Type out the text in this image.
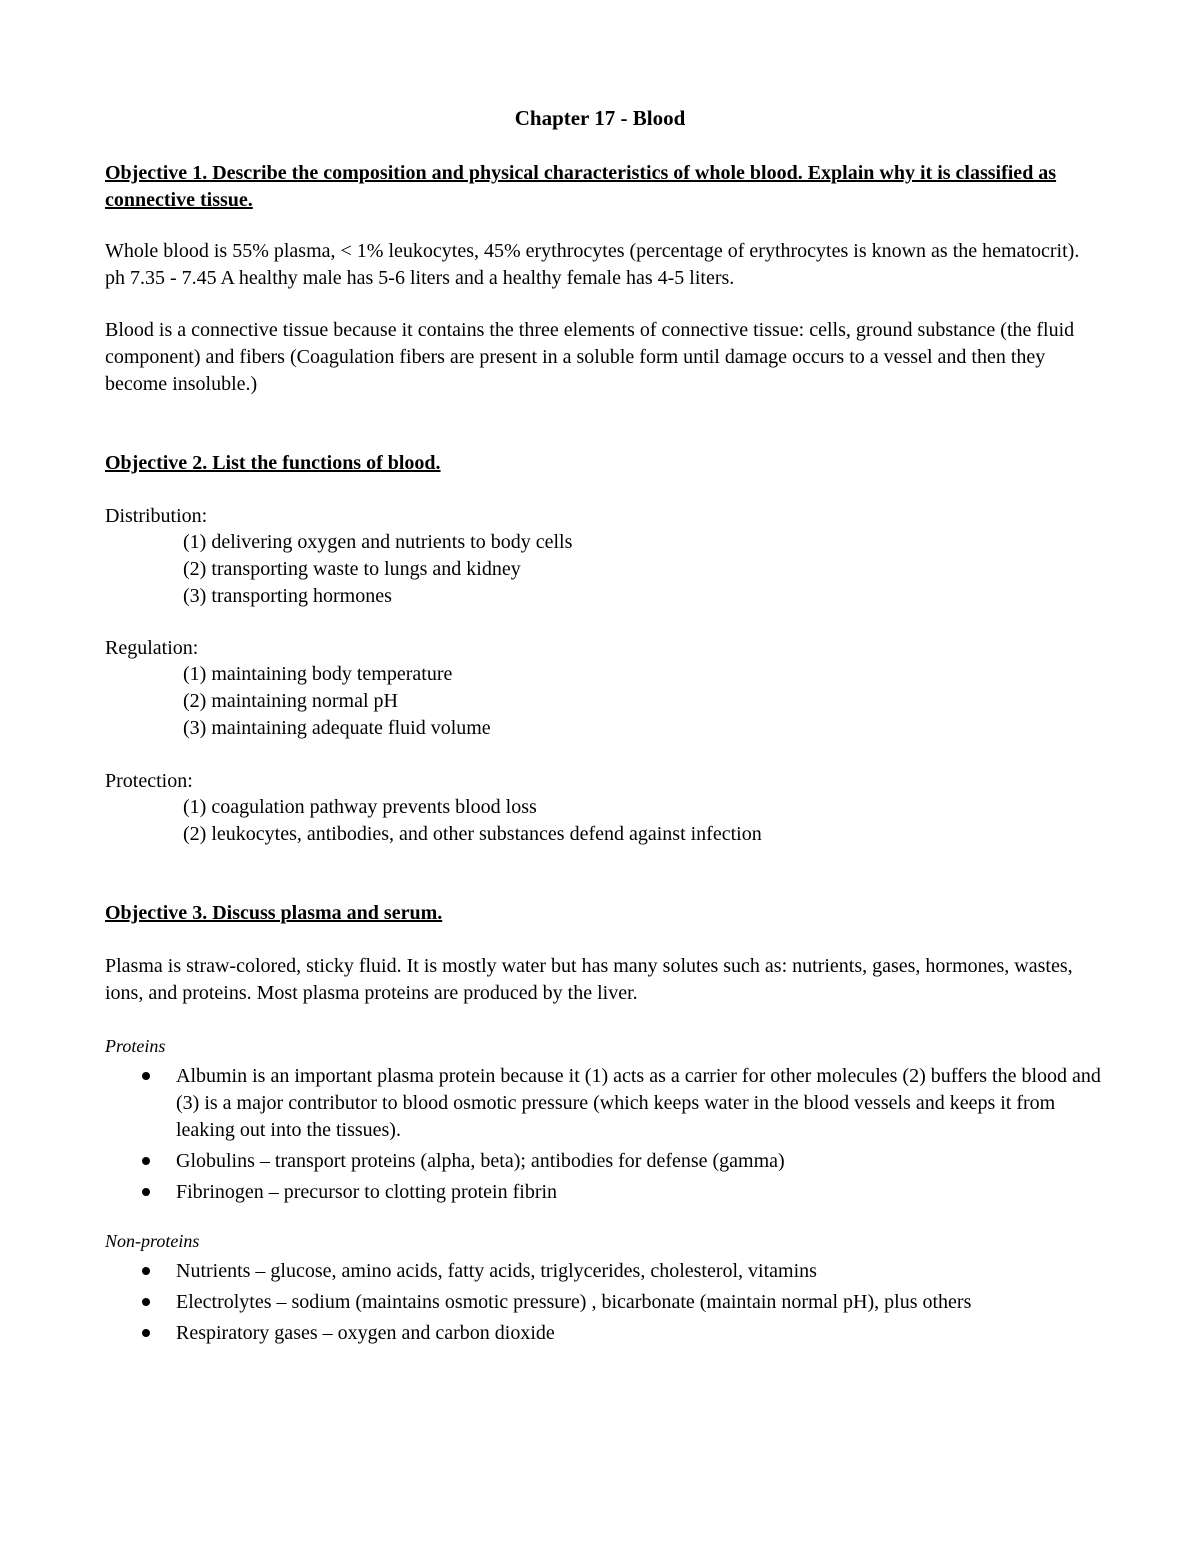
Chapter 17 - Blood
Objective 1. Describe the composition and physical characteristics of whole blood. Explain why it is classified as connective tissue.
Whole blood is 55% plasma, < 1% leukocytes, 45% erythrocytes (percentage of erythrocytes is known as the hematocrit). ph 7.35 - 7.45 A healthy male has 5-6 liters and a healthy female has 4-5 liters.
Blood is a connective tissue because it contains the three elements of connective tissue: cells, ground substance (the fluid component) and fibers (Coagulation fibers are present in a soluble form until damage occurs to a vessel and then they become insoluble.)
Objective 2. List the functions of blood.
Distribution:
(1) delivering oxygen and nutrients to body cells
(2) transporting waste to lungs and kidney
(3) transporting hormones
Regulation:
(1) maintaining body temperature
(2) maintaining normal pH
(3) maintaining adequate fluid volume
Protection:
(1) coagulation pathway prevents blood loss
(2) leukocytes, antibodies, and other substances defend against infection
Objective 3. Discuss plasma and serum.
Plasma is straw-colored, sticky fluid. It is mostly water but has many solutes such as: nutrients, gases, hormones, wastes, ions, and proteins. Most plasma proteins are produced by the liver.
Proteins
Albumin is an important plasma protein because it (1) acts as a carrier for other molecules (2) buffers the blood and (3) is a major contributor to blood osmotic pressure (which keeps water in the blood vessels and keeps it from leaking out into the tissues).
Globulins – transport proteins (alpha, beta); antibodies for defense (gamma)
Fibrinogen – precursor to clotting protein fibrin
Non-proteins
Nutrients – glucose, amino acids, fatty acids, triglycerides, cholesterol, vitamins
Electrolytes – sodium (maintains osmotic pressure) , bicarbonate (maintain normal pH), plus others
Respiratory gases – oxygen and carbon dioxide
